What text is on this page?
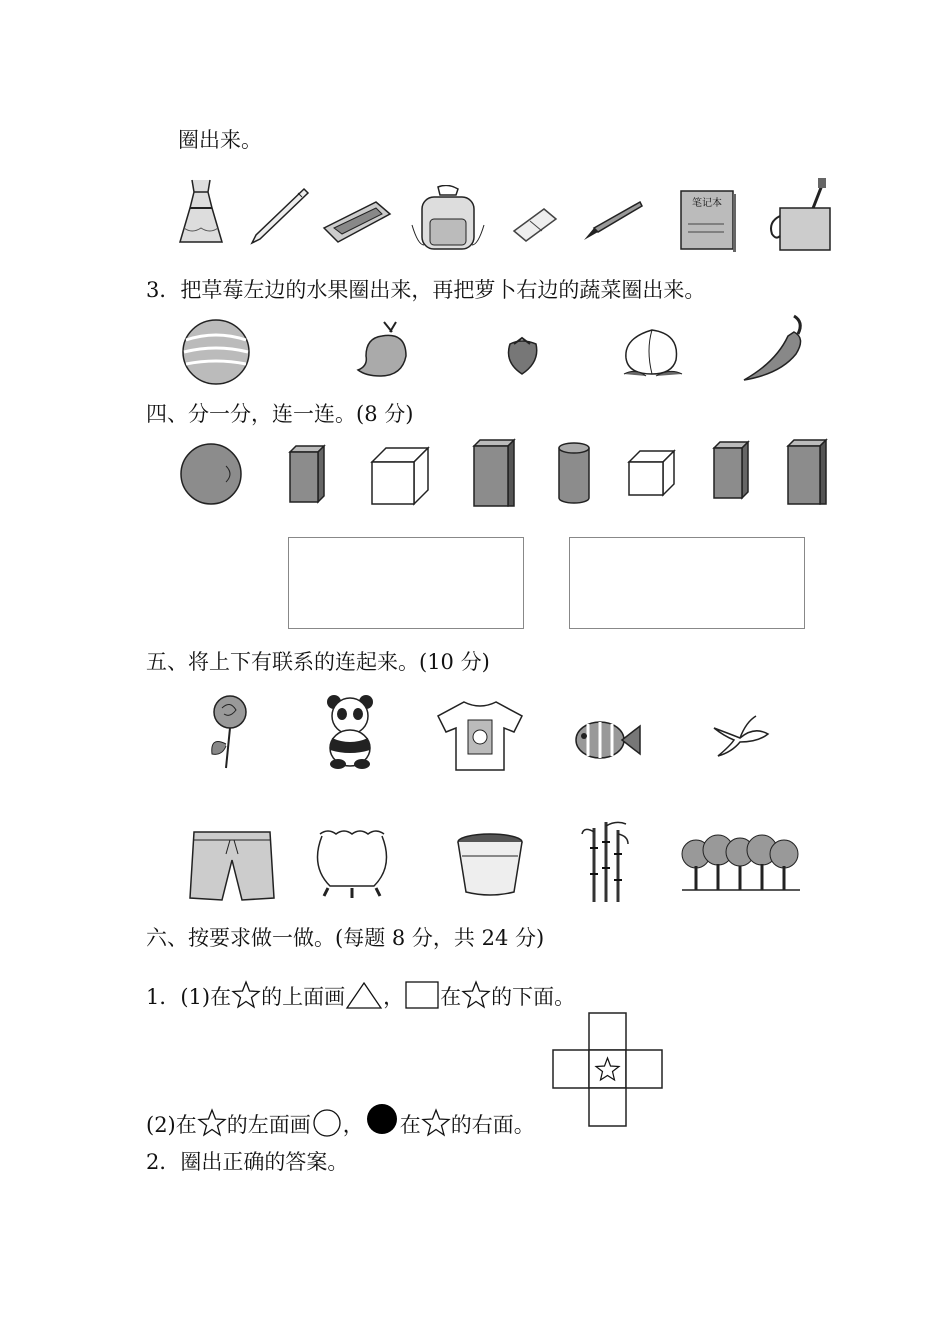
圈出来。
笔记本
3．把草莓左边的水果圈出来，再把萝卜右边的蔬菜圈出来。
四、分一分，连一连。(8 分)
五、将上下有联系的连起来。(10 分)
六、按要求做一做。(每题 8 分，共 24 分)
1．(1)在 的上面画 ， 在 的下面。
(2)在 的左面画 ， 在 的右面。
2．圈出正确的答案。
